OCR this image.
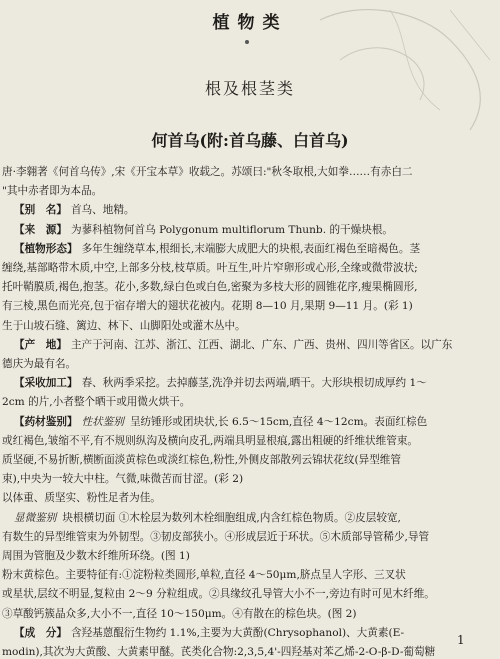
植物类
根及根茎类
何首乌(附:首乌藤、白首乌)
唐·李翱著《何首乌传》,宋《开宝本草》收载之。苏颂曰:"秋冬取根,大如拳……有赤白二
"其中赤者即为本品。
【别　名】 首乌、地精。
【来　源】 为蓼科植物何首乌 Polygonum multiflorum Thunb. 的干燥块根。
【植物形态】 多年生缠绕草本,根细长,末端膨大成肥大的块根,表面红褐色至暗褐色。茎
缠绕,基部略带木质,中空,上部多分枝,枝草质。叶互生,叶片窄卵形或心形,全缘或微带波状;
托叶鞘膜质,褐色,抱茎。花小,多数,绿白色或白色,密聚为多枝大形的圆锥花序,瘦果椭圆形,
有三棱,黑色而光亮,包于宿存增大的翅状花被内。花期 8—10 月,果期 9—11 月。(彩 1)
生于山坡石缝、篱边、林下、山脚阳处或灌木丛中。
【产　地】 主产于河南、江苏、浙江、江西、湖北、广东、广西、贵州、四川等省区。以广东
德庆为最有名。
【采收加工】 春、秋两季采挖。去掉藤茎,洗净并切去两端,晒干。大形块根切成厚约 1～
2cm 的片,小者整个晒干或用微火烘干。
【药材鉴别】 性状鉴别 呈纺锤形或团块状,长 6.5～15cm,直径 4～12cm。表面红棕色
或红褐色,皱缩不平,有不规则纵沟及横向皮孔,两端具明显根痕,露出粗硬的纤维状维管束。
质坚硬,不易折断,横断面淡黄棕色或淡红棕色,粉性,外侧皮部散列云锦状花纹(异型维管
束),中央为一较大中柱。气微,味微苦而甘涩。(彩 2)
以体重、质坚实、粉性足者为佳。
显微鉴别 块根横切面 ①木栓层为数列木栓细胞组成,内含红棕色物质。②皮层较宽,
有数生的异型维管束为外韧型。③韧皮部狭小。④形成层近于环状。⑤木质部导管稀少,导管
周围为管胞及少数木纤维所环绕。(图 1)
粉末黄棕色。主要特征有:①淀粉粒类圆形,单粒,直径 4～50μm,脐点呈人字形、三叉状
或星状,层纹不明显,复粒由 2～9 分粒组成。②具缘纹孔导管大小不一,旁边有时可见木纤维。
③草酸钙簇晶众多,大小不一,直径 10～150μm。④有散在的棕色块。(图 2)
【成　分】 含羟基蒽醌衍生物约 1.1%,主要为大黄酚(Chrysophanol)、大黄素(E-
modin),其次为大黄酸、大黄素甲醚。芪类化合物:2,3,5,4'-四羟基对苯乙烯-2-O-β-D-葡萄糖
1
